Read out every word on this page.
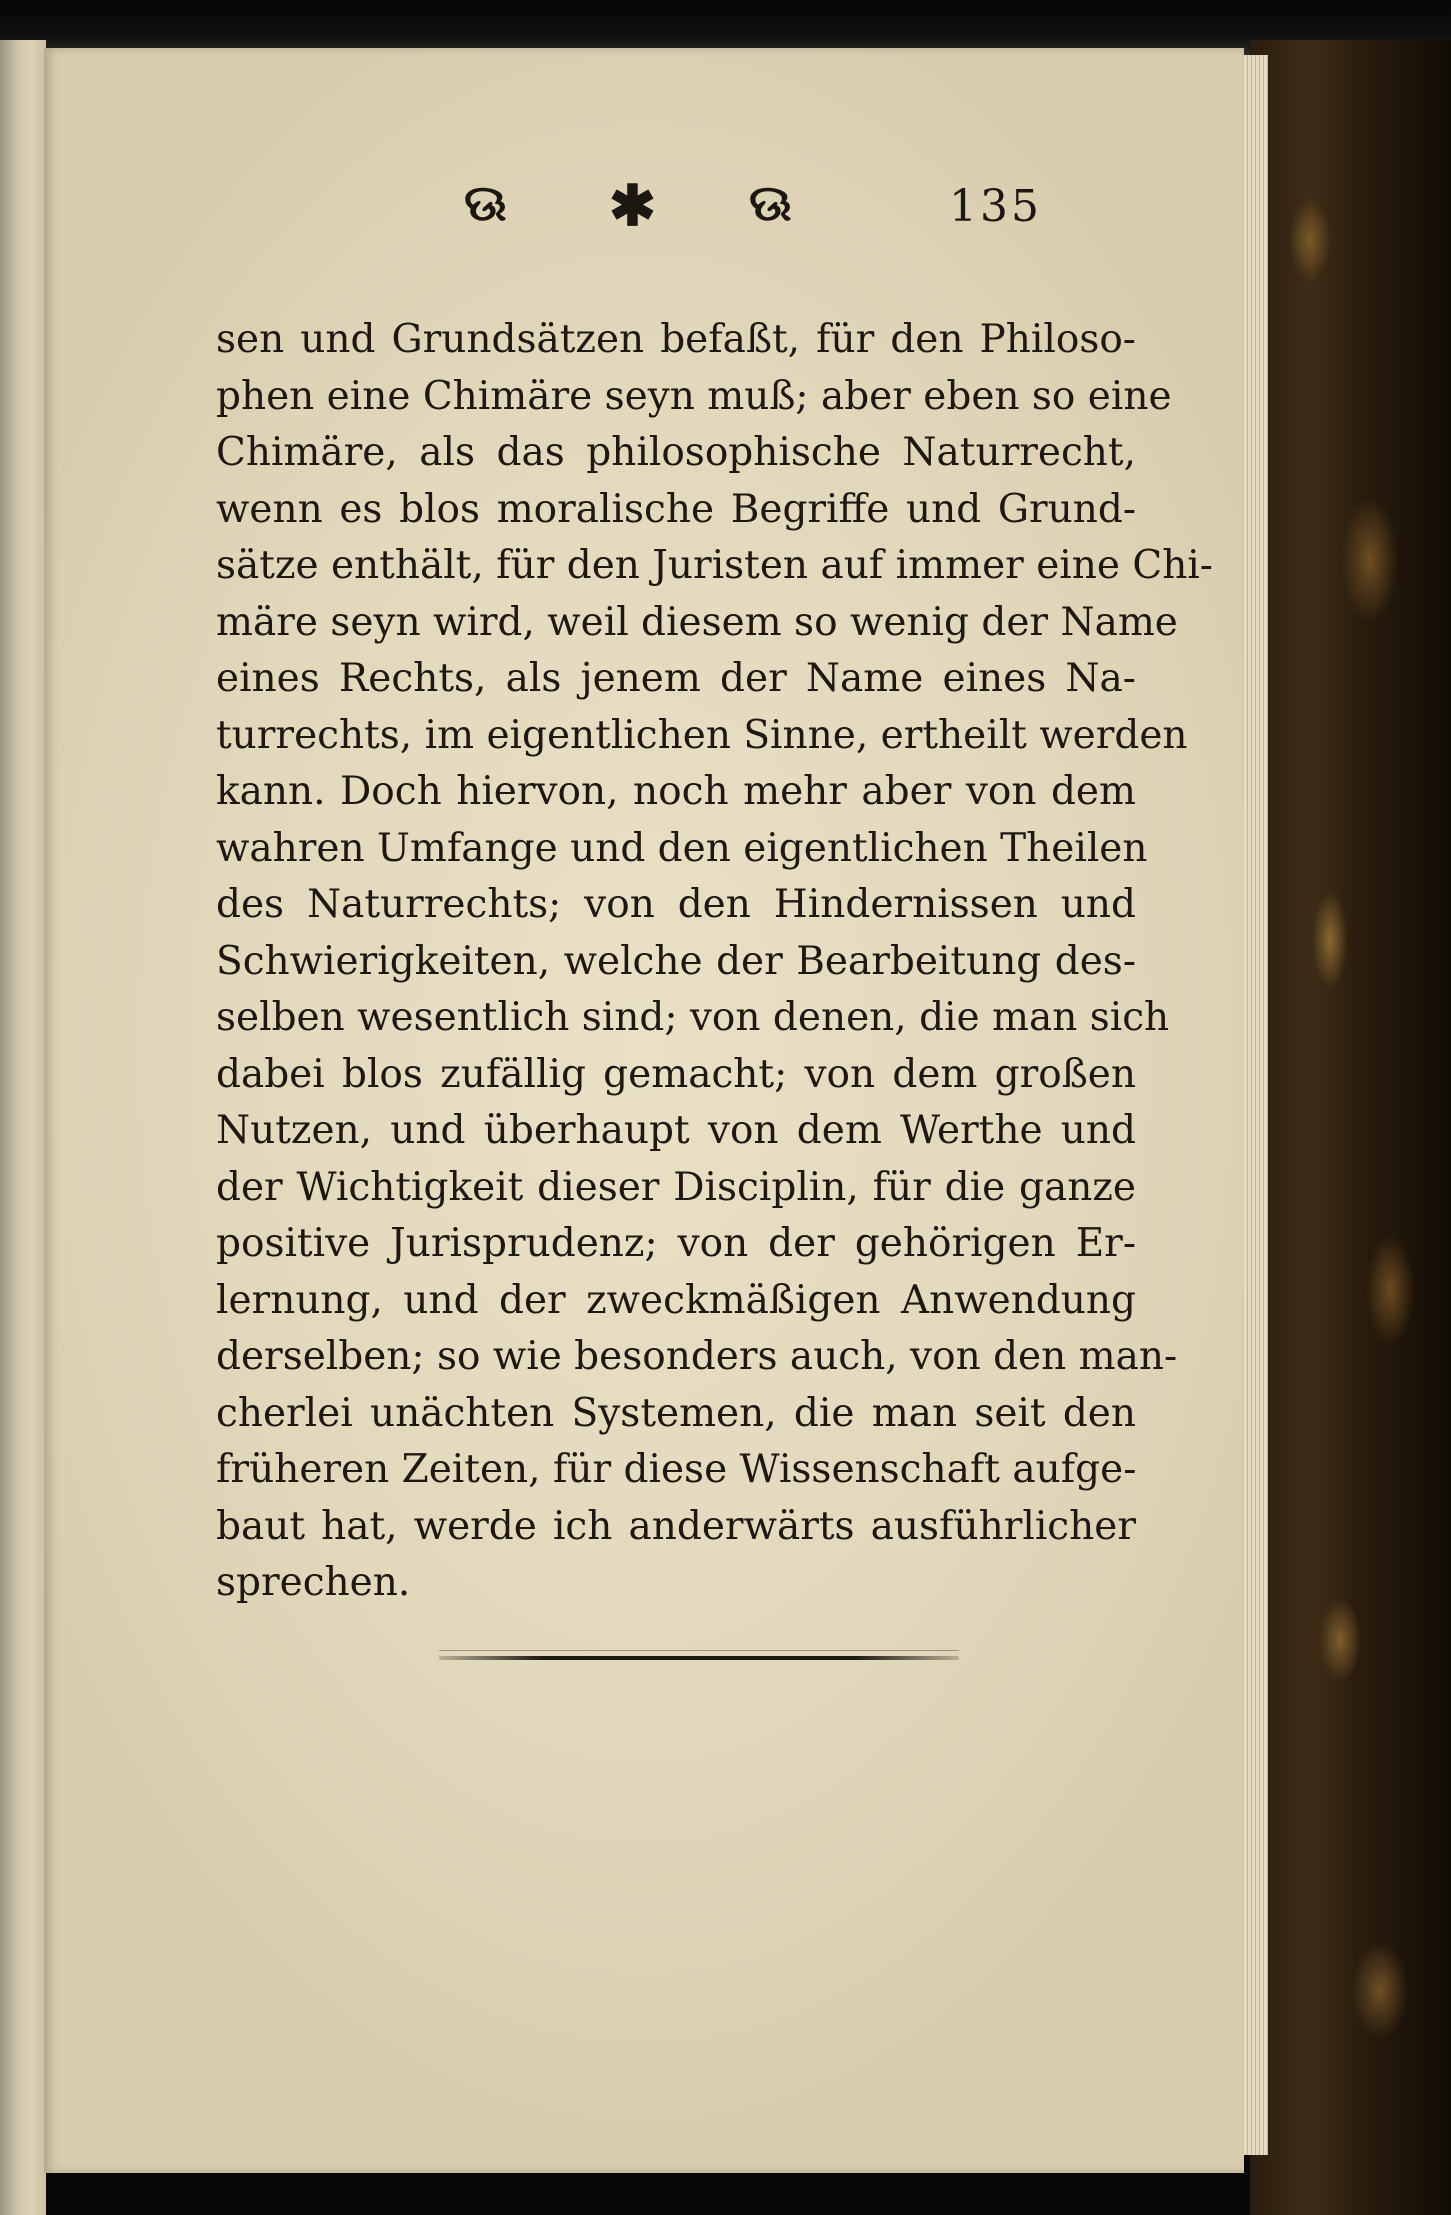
ଊ ✱ ଊ	135
sen und Grundsätzen befaßt, für den Philoso-
phen eine Chimäre seyn muß; aber eben so eine
Chimäre, als das philosophische Naturrecht,
wenn es blos moralische Begriffe und Grund-
sätze enthält, für den Juristen auf immer eine Chi-
märe seyn wird, weil diesem so wenig der Name
eines Rechts, als jenem der Name eines Na-
turrechts, im eigentlichen Sinne, ertheilt werden
kann. Doch hiervon, noch mehr aber von dem
wahren Umfange und den eigentlichen Theilen
des Naturrechts; von den Hindernissen und
Schwierigkeiten, welche der Bearbeitung des-
selben wesentlich sind; von denen, die man sich
dabei blos zufällig gemacht; von dem großen
Nutzen, und überhaupt von dem Werthe und
der Wichtigkeit dieser Disciplin, für die ganze
positive Jurisprudenz; von der gehörigen Er-
lernung, und der zweckmäßigen Anwendung
derselben; so wie besonders auch, von den man-
cherlei unächten Systemen, die man seit den
früheren Zeiten, für diese Wissenschaft aufge-
baut hat, werde ich anderwärts ausführlicher
sprechen.
